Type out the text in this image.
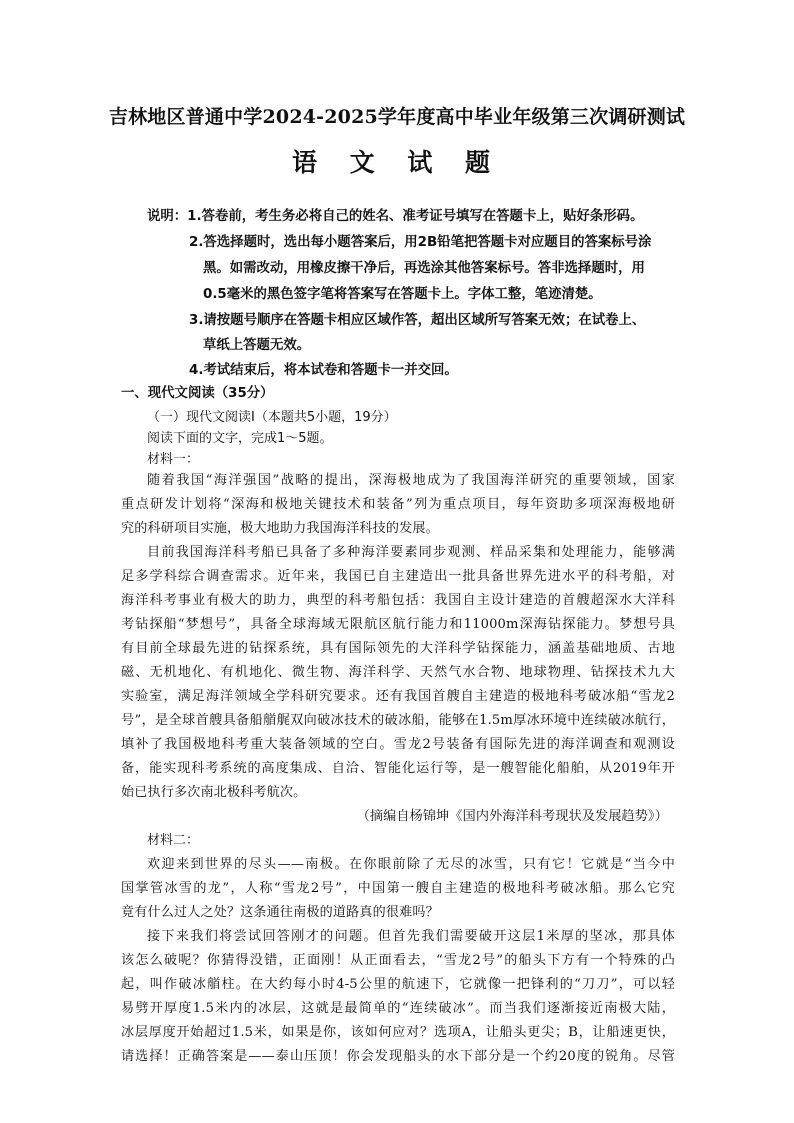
吉林地区普通中学2024-2025学年度高中毕业年级第三次调研测试
语 文 试 题
说明：1.答卷前，考生务必将自己的姓名、准考证号填写在答题卡上，贴好条形码。
2.答选择题时，选出每小题答案后，用2B铅笔把答题卡对应题目的答案标号涂
黑。如需改动，用橡皮擦干净后，再选涂其他答案标号。答非选择题时，用
0.5毫米的黑色签字笔将答案写在答题卡上。字体工整，笔迹清楚。
3.请按题号顺序在答题卡相应区域作答，超出区域所写答案无效；在试卷上、
草纸上答题无效。
4.考试结束后，将本试卷和答题卡一并交回。
一、现代文阅读（35分）
（一）现代文阅读Ⅰ（本题共5小题，19分）
阅读下面的文字，完成1～5题。
材料一：
随着我国“海洋强国”战略的提出，深海极地成为了我国海洋研究的重要领域，国家
重点研发计划将“深海和极地关键技术和装备”列为重点项目，每年资助多项深海极地研
究的科研项目实施，极大地助力我国海洋科技的发展。
目前我国海洋科考船已具备了多种海洋要素同步观测、样品采集和处理能力，能够满
足多学科综合调查需求。近年来，我国已自主建造出一批具备世界先进水平的科考船，对
海洋科考事业有极大的助力，典型的科考船包括：我国自主设计建造的首艘超深水大洋科
考钻探船“梦想号”，具备全球海域无限航区航行能力和11000m深海钻探能力。梦想号具
有目前全球最先进的钻探系统，具有国际领先的大洋科学钻探能力，涵盖基础地质、古地
磁、无机地化、有机地化、微生物、海洋科学、天然气水合物、地球物理、钻探技术九大
实验室，满足海洋领域全学科研究要求。还有我国首艘自主建造的极地科考破冰船“雪龙2
号”，是全球首艘具备船艏艉双向破冰技术的破冰船，能够在1.5m厚冰环境中连续破冰航行，
填补了我国极地科考重大装备领域的空白。雪龙2号装备有国际先进的海洋调查和观测设
备，能实现科考系统的高度集成、自洽、智能化运行等，是一艘智能化船舶，从2019年开
始已执行多次南北极科考航次。
（摘编自杨锦坤《国内外海洋科考现状及发展趋势》）
材料二：
欢迎来到世界的尽头——南极。在你眼前除了无尽的冰雪，只有它！它就是“当今中
国掌管冰雪的龙”，人称“雪龙2号”，中国第一艘自主建造的极地科考破冰船。那么它究
竟有什么过人之处？这条通往南极的道路真的很难吗？
接下来我们将尝试回答刚才的问题。但首先我们需要破开这层1米厚的坚冰，那具体
该怎么破呢？你猜得没错，正面刚！从正面看去，“雪龙2号”的船头下方有一个特殊的凸
起，叫作破冰艏柱。在大约每小时4-5公里的航速下，它就像一把锋利的“刀刀”，可以轻
易劈开厚度1.5米内的冰层，这就是最简单的“连续破冰”。而当我们逐渐接近南极大陆，
冰层厚度开始超过1.5米，如果是你，该如何应对？选项A，让船头更尖；B，让船速更快，
请选择！正确答案是——泰山压顶！你会发现船头的水下部分是一个约20度的锐角。尽管
